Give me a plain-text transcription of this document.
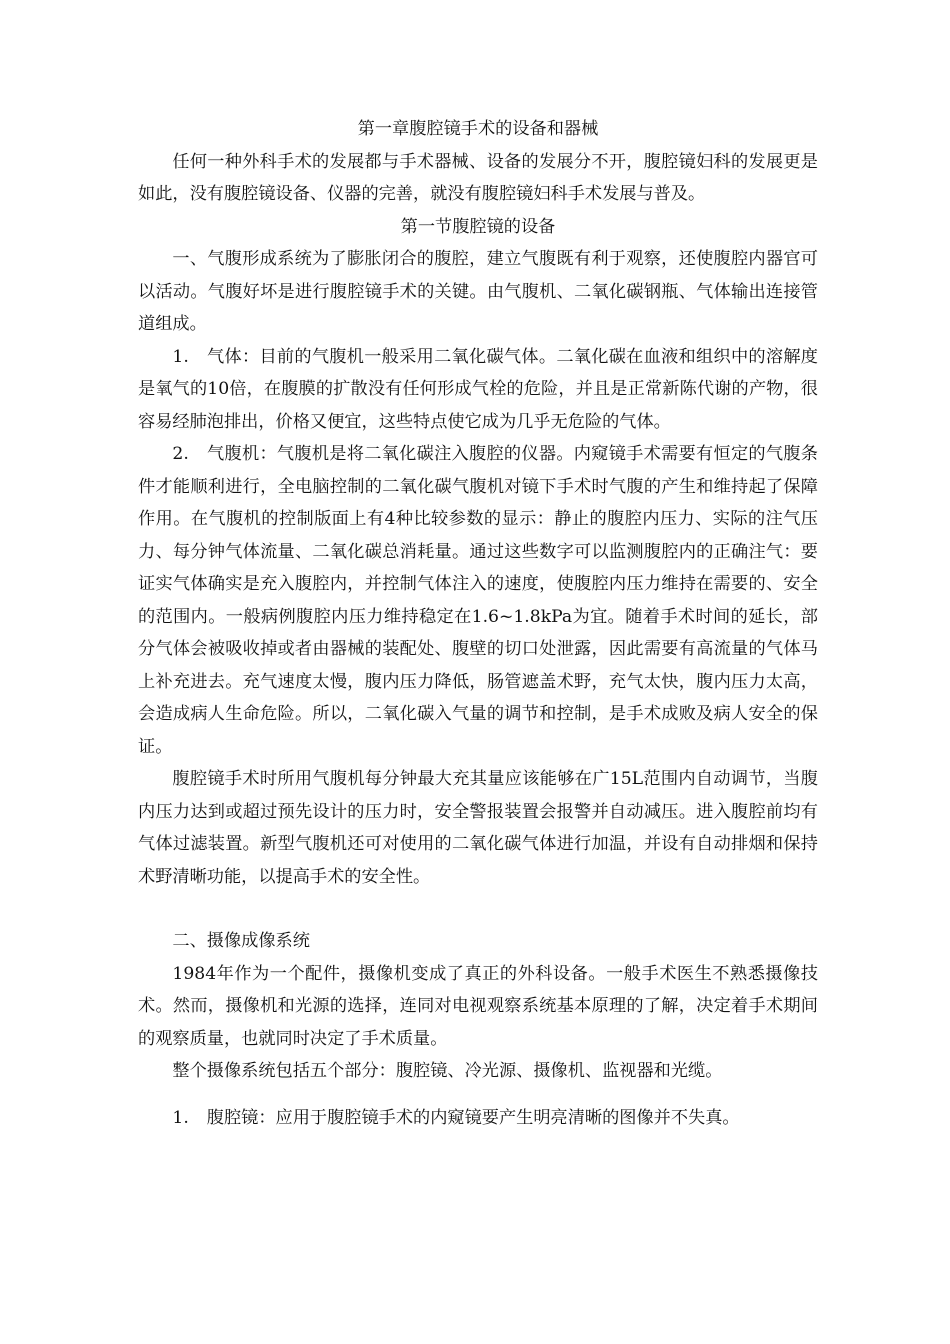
第一章腹腔镜手术的设备和器械

任何一种外科手术的发展都与手术器械、设备的发展分不开，腹腔镜妇科的发展更是如此，没有腹腔镜设备、仪器的完善，就没有腹腔镜妇科手术发展与普及。

第一节腹腔镜的设备

一、气腹形成系统为了膨胀闭合的腹腔，建立气腹既有利于观察，还使腹腔内器官可以活动。气腹好坏是进行腹腔镜手术的关键。由气腹机、二氧化碳钢瓶、气体输出连接管道组成。

1. 气体：目前的气腹机一般采用二氧化碳气体。二氧化碳在血液和组织中的溶解度是氧气的10倍，在腹膜的扩散没有任何形成气栓的危险，并且是正常新陈代谢的产物，很容易经肺泡排出，价格又便宜，这些特点使它成为几乎无危险的气体。

2. 气腹机：气腹机是将二氧化碳注入腹腔的仪器。内窥镜手术需要有恒定的气腹条件才能顺利进行，全电脑控制的二氧化碳气腹机对镜下手术时气腹的产生和维持起了保障作用。在气腹机的控制版面上有4种比较参数的显示：静止的腹腔内压力、实际的注气压力、每分钟气体流量、二氧化碳总消耗量。通过这些数字可以监测腹腔内的正确注气：要证实气体确实是充入腹腔内，并控制气体注入的速度，使腹腔内压力维持在需要的、安全的范围内。一般病例腹腔内压力维持稳定在1.6~1.8kPa为宜。随着手术时间的延长，部分气体会被吸收掉或者由器械的装配处、腹壁的切口处泄露，因此需要有高流量的气体马上补充进去。充气速度太慢，腹内压力降低，肠管遮盖术野，充气太快，腹内压力太高，会造成病人生命危险。所以，二氧化碳入气量的调节和控制，是手术成败及病人安全的保证。

腹腔镜手术时所用气腹机每分钟最大充其量应该能够在广15L范围内自动调节，当腹内压力达到或超过预先设计的压力时，安全警报装置会报警并自动减压。进入腹腔前均有气体过滤装置。新型气腹机还可对使用的二氧化碳气体进行加温，并设有自动排烟和保持术野清晰功能，以提高手术的安全性。

二、摄像成像系统

1984年作为一个配件，摄像机变成了真正的外科设备。一般手术医生不熟悉摄像技术。然而，摄像机和光源的选择，连同对电视观察系统基本原理的了解，决定着手术期间的观察质量，也就同时决定了手术质量。

整个摄像系统包括五个部分：腹腔镜、冷光源、摄像机、监视器和光缆。

1. 腹腔镜：应用于腹腔镜手术的内窥镜要产生明亮清晰的图像并不失真。
